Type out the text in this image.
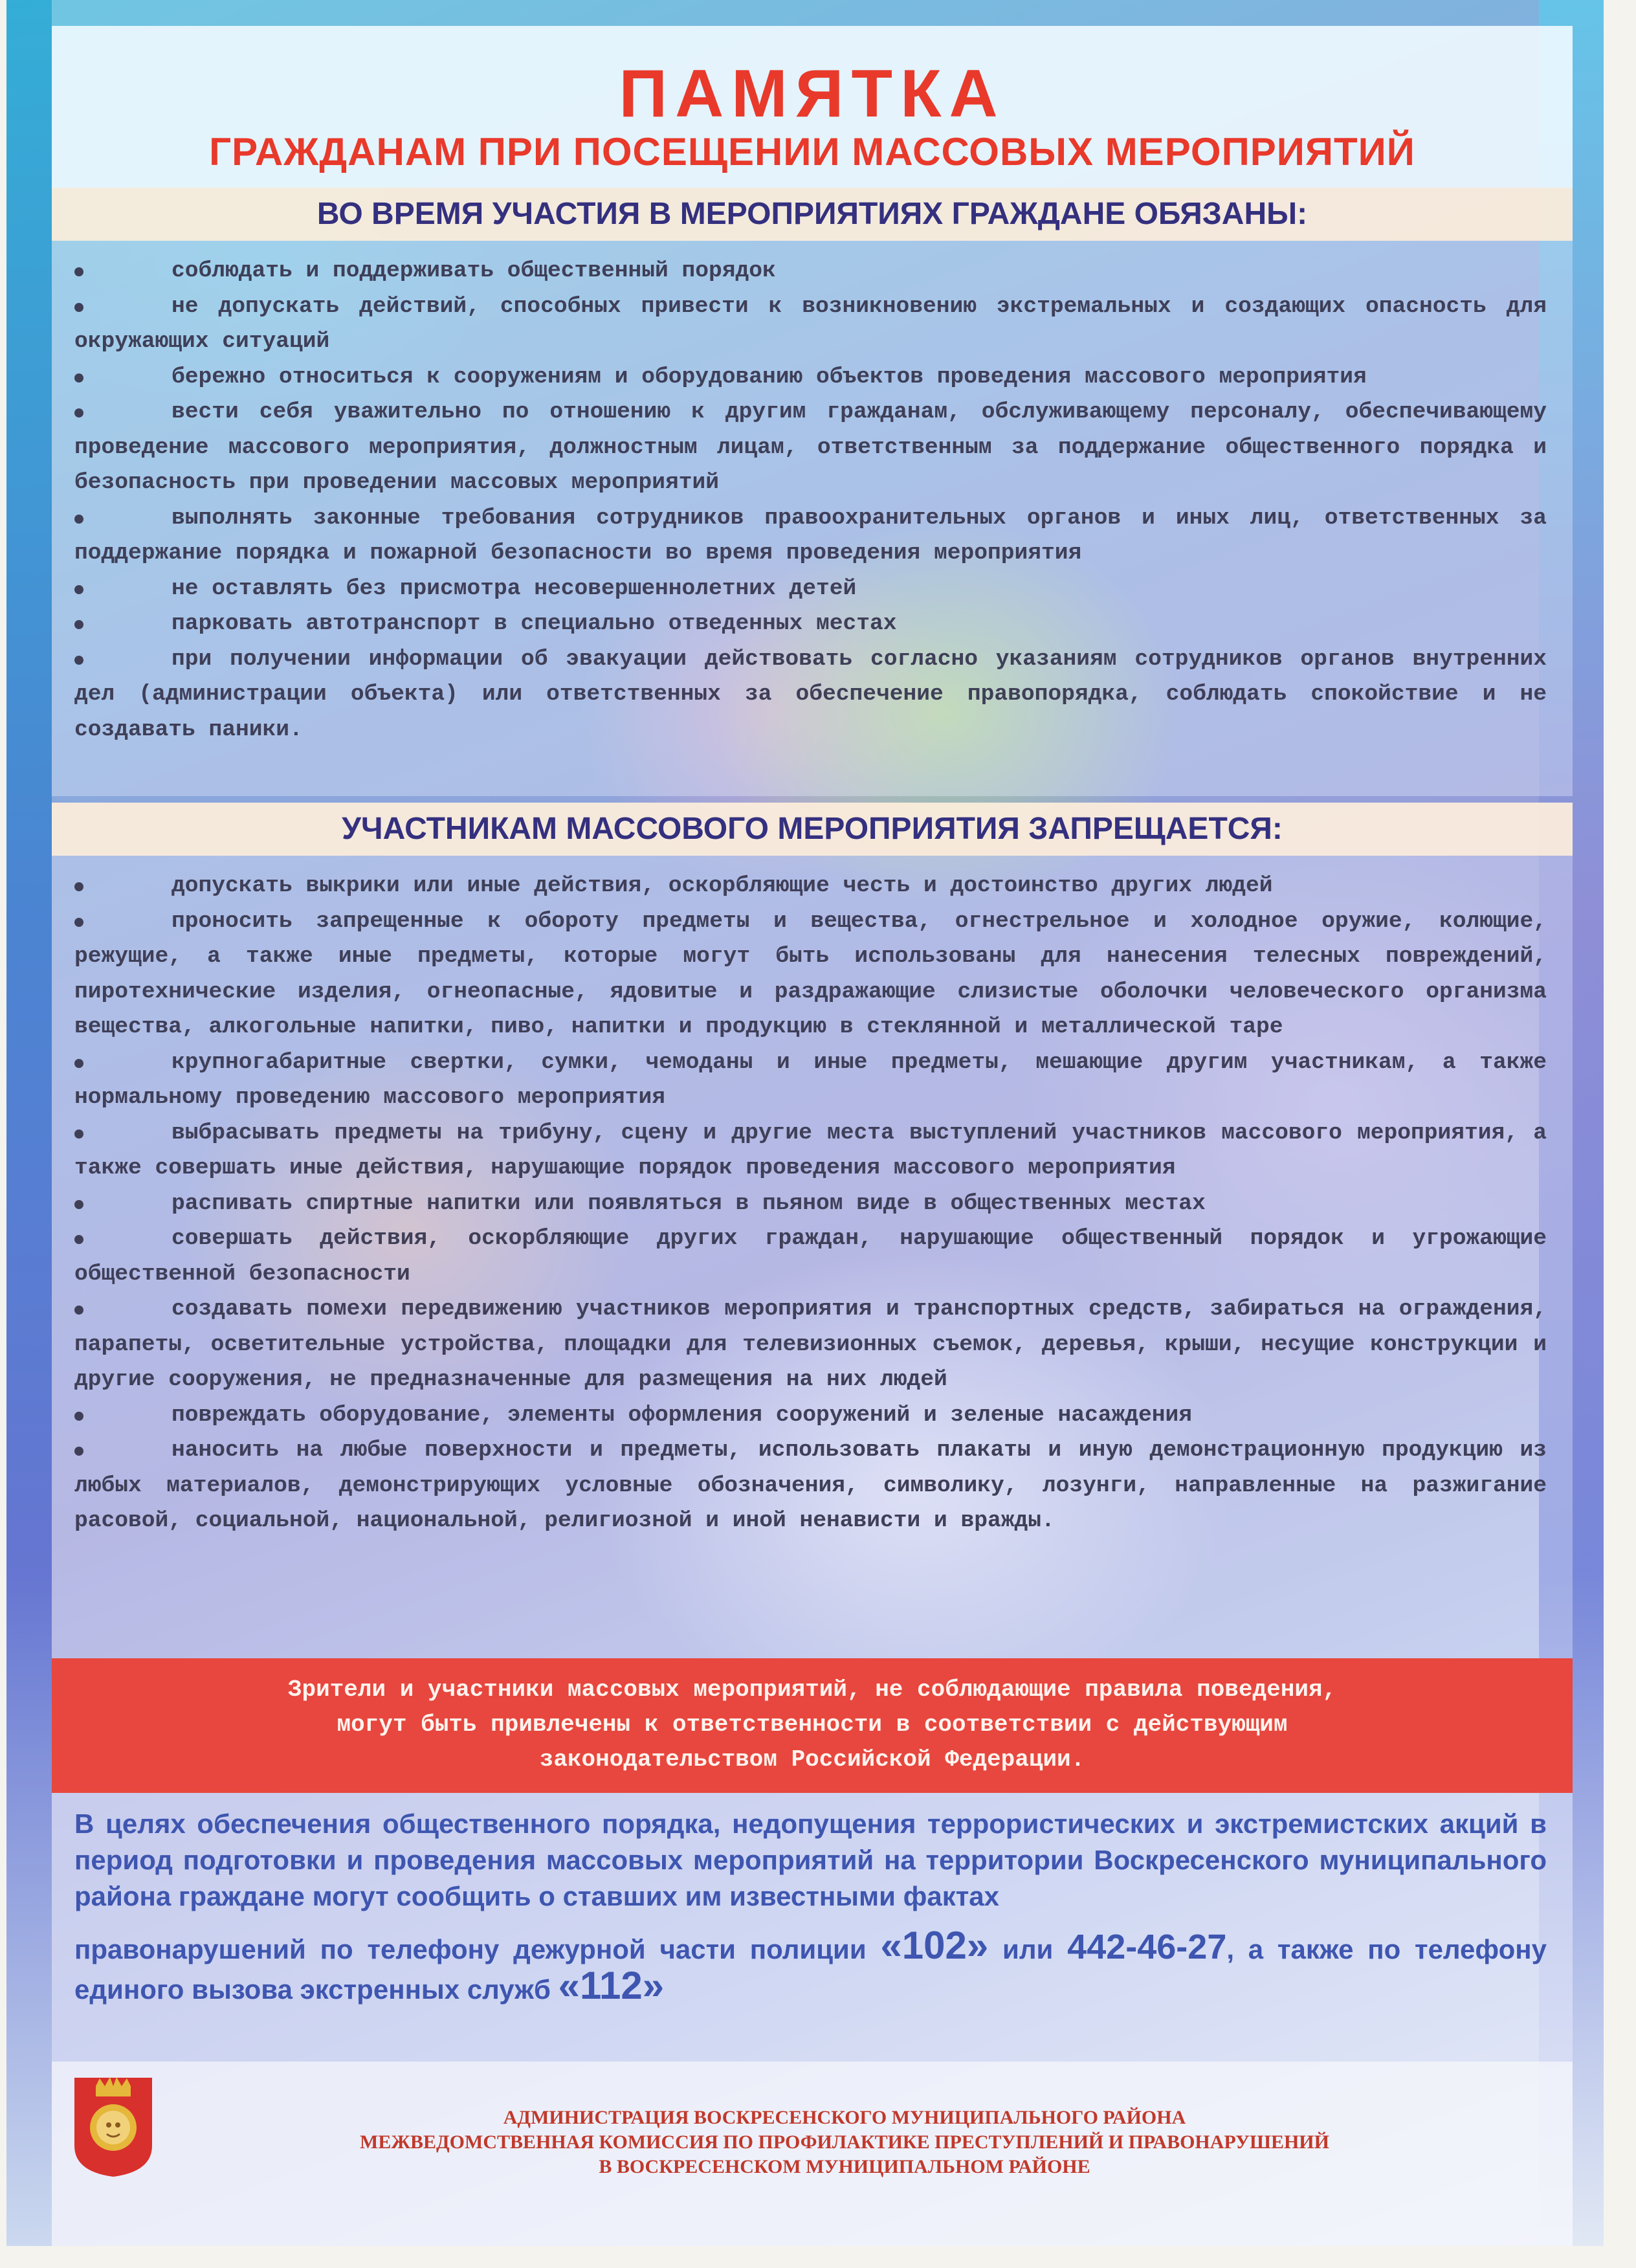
ПАМЯТКА
ГРАЖДАНАМ ПРИ ПОСЕЩЕНИИ МАССОВЫХ МЕРОПРИЯТИЙ
ВО ВРЕМЯ УЧАСТИЯ В МЕРОПРИЯТИЯХ ГРАЖДАНЕ ОБЯЗАНЫ:
соблюдать и поддерживать общественный порядок
не допускать действий, способных привести к возникновению экстремальных и создающих опасность для окружающих ситуаций
бережно относиться к сооружениям и оборудованию объектов проведения массового мероприятия
вести себя уважительно по отношению к другим гражданам, обслуживающему персоналу, обеспечивающему проведение массового мероприятия, должностным лицам, ответственным за поддержание общественного порядка и безопасность при проведении массовых мероприятий
выполнять законные требования сотрудников правоохранительных органов и иных лиц, ответственных за поддержание порядка и пожарной безопасности во время проведения мероприятия
не оставлять без присмотра несовершеннолетних детей
парковать автотранспорт в специально отведенных местах
при получении информации об эвакуации действовать согласно указаниям сотрудников органов внутренних дел (администрации объекта) или ответственных за обеспечение правопорядка, соблюдать спокойствие и не создавать паники.
УЧАСТНИКАМ МАССОВОГО МЕРОПРИЯТИЯ ЗАПРЕЩАЕТСЯ:
допускать выкрики или иные действия, оскорбляющие честь и достоинство других людей
проносить запрещенные к обороту предметы и вещества, огнестрельное и холодное оружие, колющие, режущие, а также иные предметы, которые могут быть использованы для нанесения телесных повреждений, пиротехнические изделия, огнеопасные, ядовитые и раздражающие слизистые оболочки человеческого организма вещества, алкогольные напитки, пиво, напитки и продукцию в стеклянной и металлической таре
крупногабаритные свертки, сумки, чемоданы и иные предметы, мешающие другим участникам, а также нормальному проведению массового мероприятия
выбрасывать предметы на трибуну, сцену и другие места выступлений участников массового мероприятия, а также совершать иные действия, нарушающие порядок проведения массового мероприятия
распивать спиртные напитки или появляться в пьяном виде в общественных местах
совершать действия, оскорбляющие других граждан, нарушающие общественный порядок и угрожающие общественной безопасности
создавать помехи передвижению участников мероприятия и транспортных средств, забираться на ограждения, парапеты, осветительные устройства, площадки для телевизионных съемок, деревья, крыши, несущие конструкции и другие сооружения, не предназначенные для размещения на них людей
повреждать оборудование, элементы оформления сооружений и зеленые насаждения
наносить на любые поверхности и предметы, использовать плакаты и иную демонстрационную продукцию из любых материалов, демонстрирующих условные обозначения, символику, лозунги, направленные на разжигание расовой, социальной, национальной, религиозной и иной ненависти и вражды.
Зрители и участники массовых мероприятий, не соблюдающие правила поведения,
могут быть привлечены к ответственности в соответствии с действующим
законодательством Российской Федерации.
В целях обеспечения общественного порядка, недопущения террористических и экстремистских акций в период подготовки и проведения массовых мероприятий на территории Воскресенского муниципального района граждане могут сообщить о ставших им известными фактах
правонарушений по телефону дежурной части полиции «102» или 442-46-27, а также по телефону единого вызова экстренных служб «112»
АДМИНИСТРАЦИЯ ВОСКРЕСЕНСКОГО МУНИЦИПАЛЬНОГО РАЙОНА
МЕЖВЕДОМСТВЕННАЯ КОМИССИЯ ПО ПРОФИЛАКТИКЕ ПРЕСТУПЛЕНИЙ И ПРАВОНАРУШЕНИЙ
В ВОСКРЕСЕНСКОМ МУНИЦИПАЛЬНОМ РАЙОНЕ
